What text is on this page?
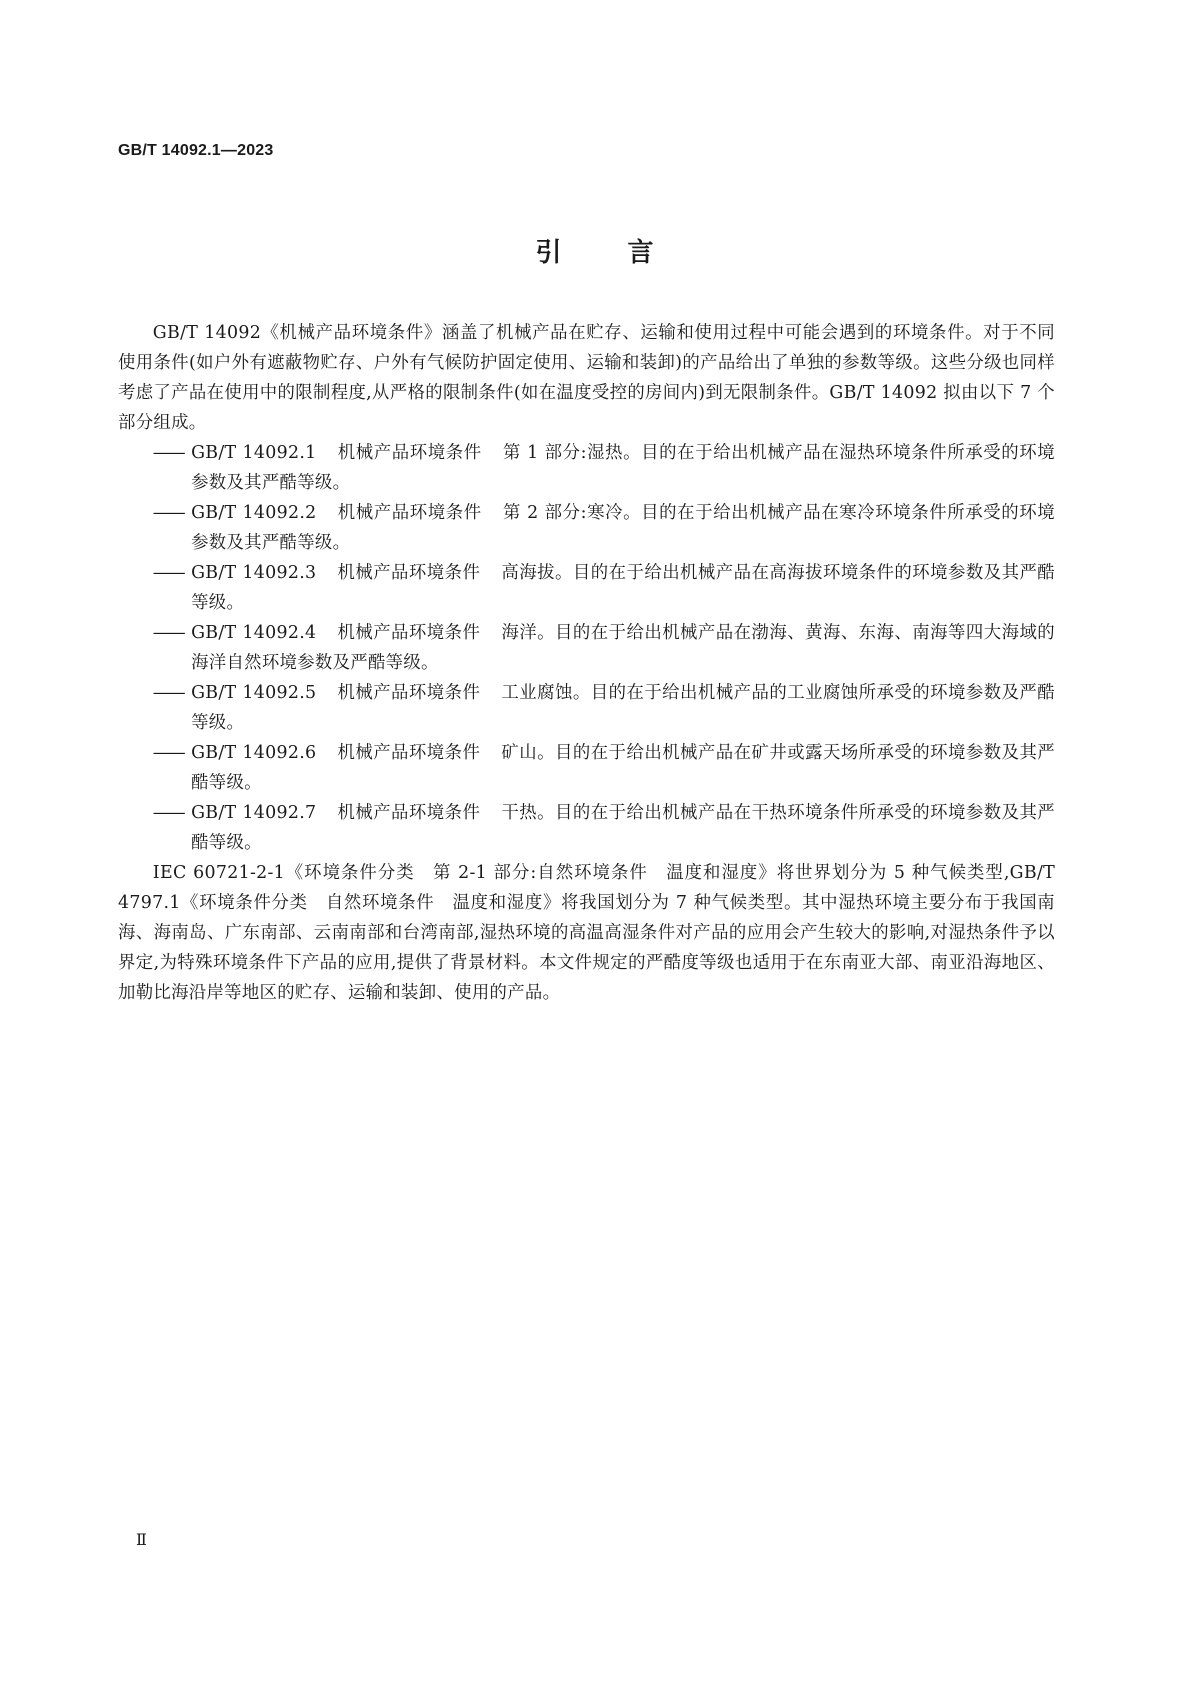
GB/T 14092.1—2023
引 言

GB/T 14092《机械产品环境条件》涵盖了机械产品在贮存、运输和使用过程中可能会遇到的环境条件。对于不同使用条件(如户外有遮蔽物贮存、户外有气候防护固定使用、运输和装卸)的产品给出了单独的参数等级。这些分级也同样考虑了产品在使用中的限制程度,从严格的限制条件(如在温度受控的房间内)到无限制条件。GB/T 14092 拟由以下 7 个部分组成。

—— GB/T 14092.1 机械产品环境条件 第 1 部分:湿热。目的在于给出机械产品在湿热环境条件所承受的环境参数及其严酷等级。
—— GB/T 14092.2 机械产品环境条件 第 2 部分:寒冷。目的在于给出机械产品在寒冷环境条件所承受的环境参数及其严酷等级。
—— GB/T 14092.3 机械产品环境条件 高海拔。目的在于给出机械产品在高海拔环境条件的环境参数及其严酷等级。
—— GB/T 14092.4 机械产品环境条件 海洋。目的在于给出机械产品在渤海、黄海、东海、南海等四大海域的海洋自然环境参数及严酷等级。
—— GB/T 14092.5 机械产品环境条件 工业腐蚀。目的在于给出机械产品的工业腐蚀所承受的环境参数及严酷等级。
—— GB/T 14092.6 机械产品环境条件 矿山。目的在于给出机械产品在矿井或露天场所承受的环境参数及其严酷等级。
—— GB/T 14092.7 机械产品环境条件 干热。目的在于给出机械产品在干热环境条件所承受的环境参数及其严酷等级。

IEC 60721-2-1《环境条件分类　第 2-1 部分:自然环境条件　温度和湿度》将世界划分为 5 种气候类型,GB/T 4797.1《环境条件分类　自然环境条件　温度和湿度》将我国划分为 7 种气候类型。其中湿热环境主要分布于我国南海、海南岛、广东南部、云南南部和台湾南部,湿热环境的高温高湿条件对产品的应用会产生较大的影响,对湿热条件予以界定,为特殊环境条件下产品的应用,提供了背景材料。本文件规定的严酷度等级也适用于在东南亚大部、南亚沿海地区、加勒比海沿岸等地区的贮存、运输和装卸、使用的产品。

Ⅱ
